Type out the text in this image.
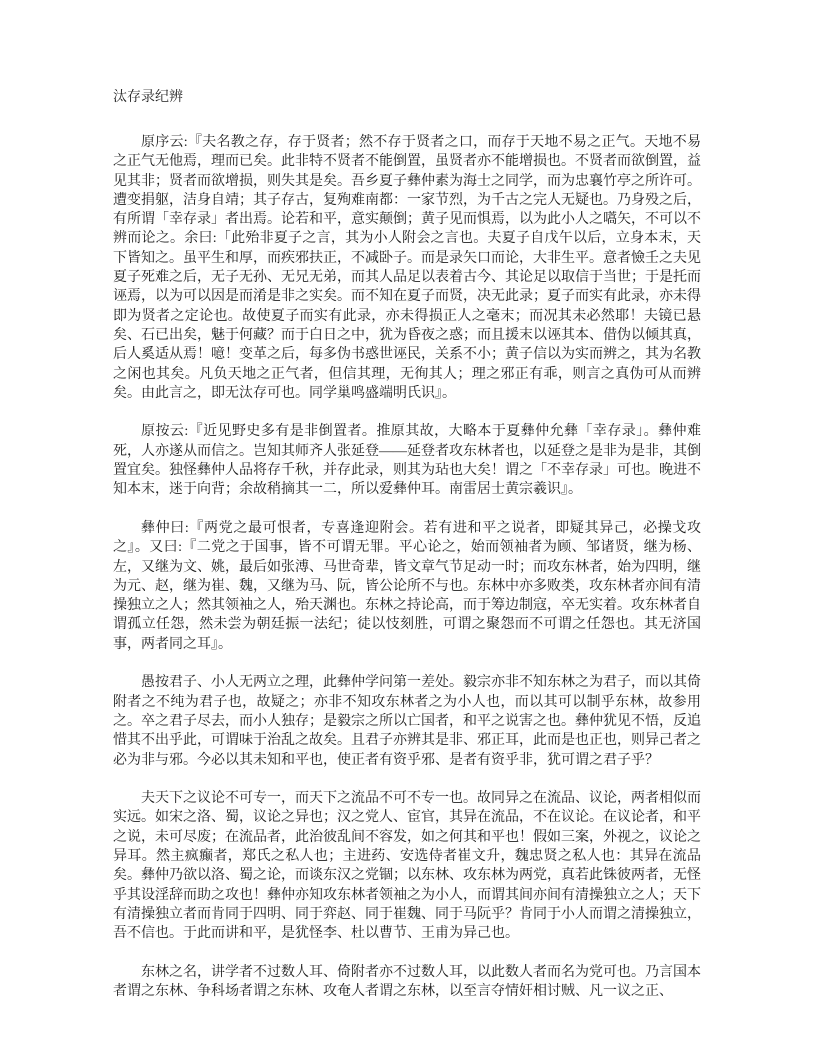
汰存录纪辨

原序云:『夫名教之存，存于贤者；然不存于贤者之口，而存于天地不易之正气。天地不易之正气无他焉，理而已矣。此非特不贤者不能倒置，虽贤者亦不能增损也。不贤者而欲倒置，益见其非；贤者而欲增损，则失其是矣。吾乡夏子彝仲素为海士之同学，而为忠襄竹亭之所许可。遭变捐躯，洁身自靖；其子存古，复殉难南都：一家节烈，为千古之完人无疑也。乃身殁之后，有所谓「幸存录」者出焉。论若和平，意实颠倒；黄子见而惧焉，以为此小人之嚆矢，不可以不辨而论之。余曰:「此殆非夏子之言，其为小人附会之言也。夫夏子自戊午以后，立身本末，天下皆知之。虽平生和厚，而疾邪扶正，不减卧子。而是录矢口而论，大非生平。意者憸壬之夫见夏子死难之后，无子无孙、无兄无弟，而其人品足以表着古今、其论足以取信于当世；于是托而诬焉，以为可以因是而淆是非之实矣。而不知在夏子而贤，决无此录；夏子而实有此录，亦未得即为贤者之定论也。故使夏子而实有此录，亦未得损正人之毫末；而况其未必然耶！夫镜已悬矣、石已出矣，魅于何藏？而于白日之中，犹为昏夜之惑；而且援末以诬其本、借伪以倾其真，后人奚适从焉！噫！变革之后，每多伪书惑世诬民，关系不小；黄子信以为实而辨之，其为名教之闲也其矣。凡负天地之正气者，但信其理，无徇其人；理之邪正有乖，则言之真伪可从而辨矣。由此言之，即无汰存可也。同学巢鸣盛端明氏识』。

原按云:『近见野史多有是非倒置者。推原其故，大略本于夏彝仲允彝「幸存录」。彝仲难死，人亦遂从而信之。岂知其师齐人张延登——延登者攻东林者也，以延登之是非为是非，其倒置宜矣。独怪彝仲人品将存千秋，并存此录，则其为玷也大矣！谓之「不幸存录」可也。晚进不知本末，迷于向背；余故稍摘其一二，所以爱彝仲耳。南雷居士黄宗羲识』。

彝仲曰:『两党之最可恨者，专喜逢迎附会。若有进和平之说者，即疑其异己，必操戈攻之』。又曰:『二党之于国事，皆不可谓无罪。平心论之，始而领袖者为顾、邹诸贤，继为杨、左，又继为文、姚，最后如张溥、马世奇辈，皆文章气节足动一时；而攻东林者，始为四明，继为元、赵，继为崔、魏，又继为马、阮，皆公论所不与也。东林中亦多败类，攻东林者亦间有清操独立之人；然其领袖之人，殆天渊也。东林之持论高，而于筹边制寇，卒无实着。攻东林者自谓孤立任怨，然未尝为朝廷振一法纪；徒以忮刻胜，可谓之聚怨而不可谓之任怨也。其无济国事，两者同之耳』。

愚按君子、小人无两立之理，此彝仲学问第一差处。毅宗亦非不知东林之为君子，而以其倚附者之不纯为君子也，故疑之；亦非不知攻东林者之为小人也，而以其可以制乎东林，故参用之。卒之君子尽去，而小人独存；是毅宗之所以亡国者，和平之说害之也。彝仲犹见不悟，反追惜其不出乎此，可谓味于治乱之故矣。且君子亦辨其是非、邪正耳，此而是也正也，则异己者之必为非与邪。今必以其未知和平也，使正者有资乎邪、是者有资乎非，犹可谓之君子乎？

夫天下之议论不可专一，而天下之流品不可不专一也。故同异之在流品、议论，两者相似而实远。如宋之洛、蜀，议论之异也；汉之党人、宦官，其异在流品，不在议论。在议论者，和平之说，未可尽废；在流品者，此治彼乱间不容发，如之何其和平也！假如三案，外视之，议论之异耳。然主疯癫者，郑氏之私人也；主进药、安选侍者崔文升，魏忠贤之私人也：其异在流品矣。彝仲乃欲以洛、蜀之论，而谈东汉之党锢；以东林、攻东林为两党，真若此铢彼两者，无怪乎其设淫辞而助之攻也！彝仲亦知攻东林者领袖之为小人，而谓其间亦间有清操独立之人；天下有清操独立者而肯同于四明、同于弈赵、同于崔魏、同于马阮乎？肯同于小人而谓之清操独立，吾不信也。于此而讲和平，是犹怪李、杜以曹节、王甫为异己也。

东林之名，讲学者不过数人耳、倚附者亦不过数人耳，以此数人者而名为党可也。乃言国本者谓之东林、争科场者谓之东林、攻奄人者谓之东林，以至言夺情奸相讨贼、凡一议之正、
